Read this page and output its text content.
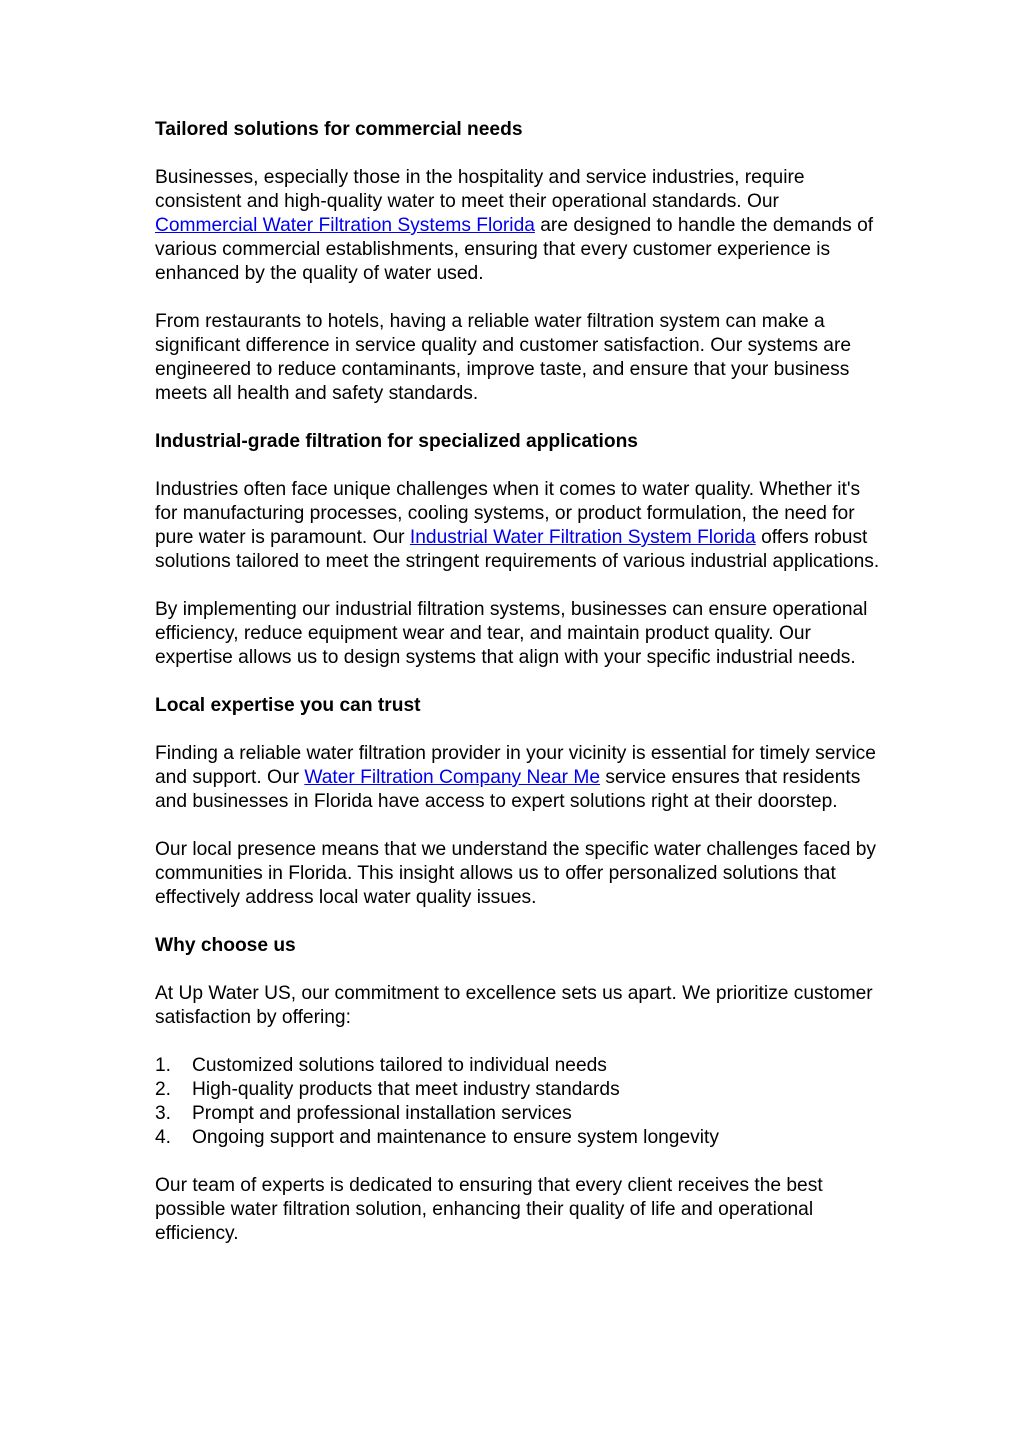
Tailored solutions for commercial needs

Businesses, especially those in the hospitality and service industries, require consistent and high-quality water to meet their operational standards. Our Commercial Water Filtration Systems Florida are designed to handle the demands of various commercial establishments, ensuring that every customer experience is enhanced by the quality of water used.

From restaurants to hotels, having a reliable water filtration system can make a significant difference in service quality and customer satisfaction. Our systems are engineered to reduce contaminants, improve taste, and ensure that your business meets all health and safety standards.

Industrial-grade filtration for specialized applications

Industries often face unique challenges when it comes to water quality. Whether it's for manufacturing processes, cooling systems, or product formulation, the need for pure water is paramount. Our Industrial Water Filtration System Florida offers robust solutions tailored to meet the stringent requirements of various industrial applications.

By implementing our industrial filtration systems, businesses can ensure operational efficiency, reduce equipment wear and tear, and maintain product quality. Our expertise allows us to design systems that align with your specific industrial needs.

Local expertise you can trust

Finding a reliable water filtration provider in your vicinity is essential for timely service and support. Our Water Filtration Company Near Me service ensures that residents and businesses in Florida have access to expert solutions right at their doorstep.

Our local presence means that we understand the specific water challenges faced by communities in Florida. This insight allows us to offer personalized solutions that effectively address local water quality issues.

Why choose us

At Up Water US, our commitment to excellence sets us apart. We prioritize customer satisfaction by offering:

1.	Customized solutions tailored to individual needs
2.	High-quality products that meet industry standards
3.	Prompt and professional installation services
4.	Ongoing support and maintenance to ensure system longevity

Our team of experts is dedicated to ensuring that every client receives the best possible water filtration solution, enhancing their quality of life and operational efficiency.
